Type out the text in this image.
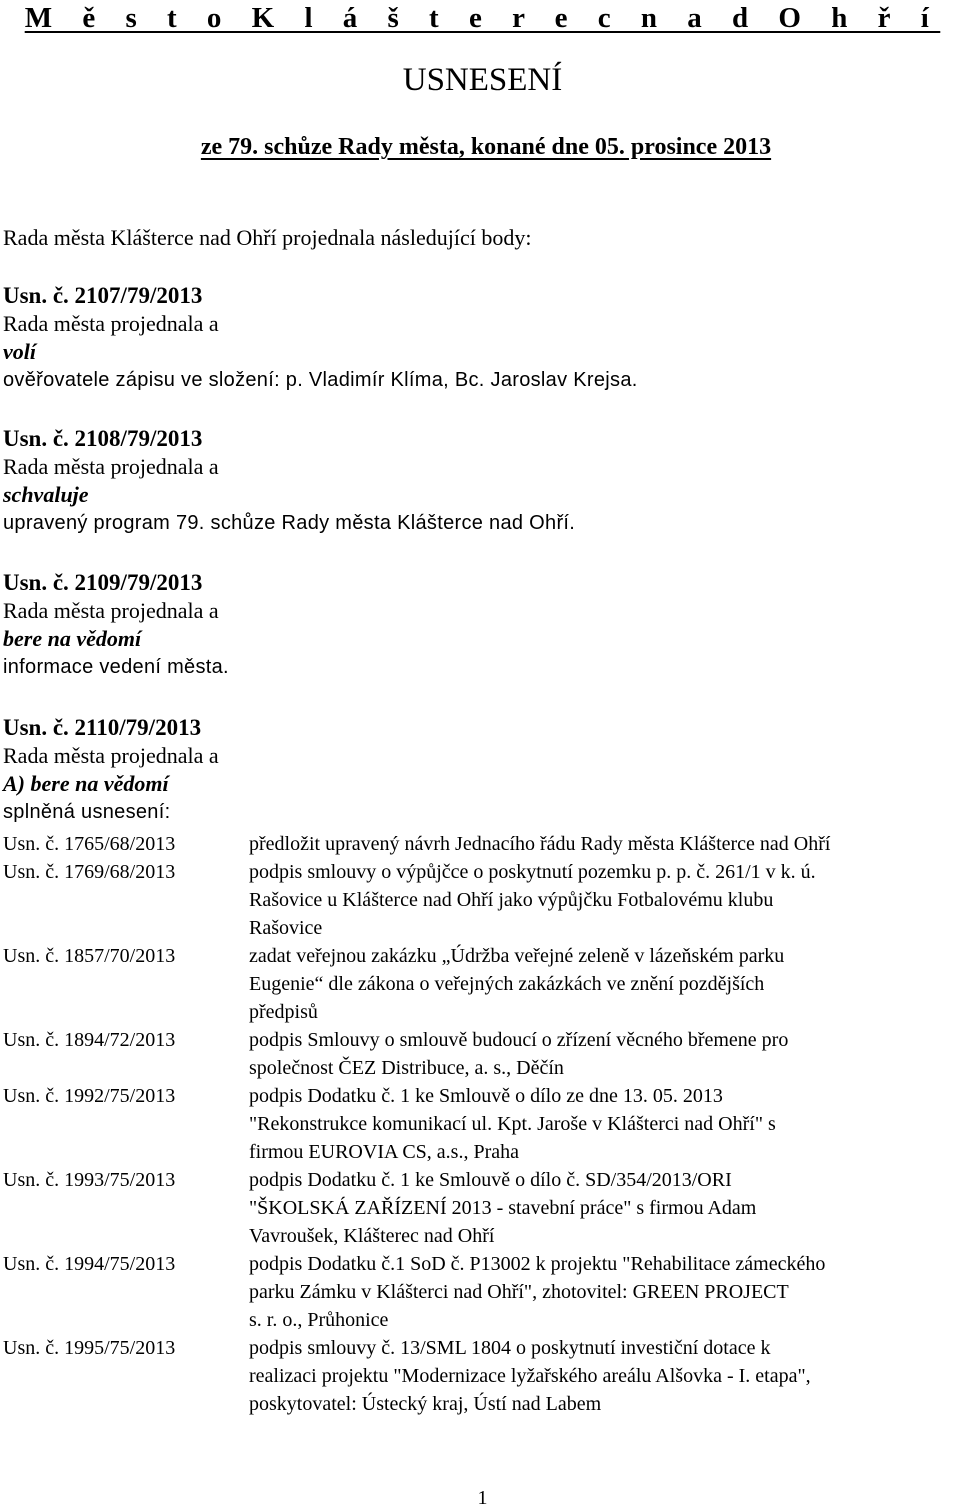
M ě s t o K l á š t e r e c n a d O h ř í
USNESENÍ
ze 79. schůze Rady města, konané dne 05. prosince 2013
Rada města Klášterce nad Ohří projednala následující body:
Usn. č. 2107/79/2013
Rada města projednala a
volí
ověřovatele zápisu ve složení: p. Vladimír Klíma, Bc. Jaroslav Krejsa.
Usn. č. 2108/79/2013
Rada města projednala a
schvaluje
upravený program 79. schůze Rady města Klášterce nad Ohří.
Usn. č. 2109/79/2013
Rada města projednala a
bere na vědomí
informace vedení města.
Usn. č. 2110/79/2013
Rada města projednala a
A) bere na vědomí
splněná usnesení:
Usn. č. 1765/68/2013	předložit upravený návrh Jednacího řádu Rady města Klášterce nad Ohří
Usn. č. 1769/68/2013	podpis smlouvy o výpůjčce o poskytnutí pozemku p. p. č. 261/1 v k. ú.
Rašovice u Klášterce nad Ohří jako výpůjčku Fotbalovému klubu
Rašovice
Usn. č. 1857/70/2013	zadat veřejnou zakázku „Údržba veřejné zeleně v lázeňském parku
Eugenie“ dle zákona o veřejných zakázkách ve znění pozdějších
předpisů
Usn. č. 1894/72/2013	podpis Smlouvy o smlouvě budoucí o zřízení věcného břemene pro
společnost ČEZ Distribuce, a. s., Děčín
Usn. č. 1992/75/2013	podpis Dodatku č. 1 ke Smlouvě o dílo ze dne 13. 05. 2013
"Rekonstrukce komunikací ul. Kpt. Jaroše v Klášterci nad Ohří" s
firmou EUROVIA CS, a.s., Praha
Usn. č. 1993/75/2013	podpis Dodatku č. 1 ke Smlouvě o dílo č. SD/354/2013/ORI
"ŠKOLSKÁ ZAŘÍZENÍ 2013 - stavební práce" s firmou Adam
Vavroušek, Klášterec nad Ohří
Usn. č. 1994/75/2013	podpis Dodatku č.1 SoD č. P13002 k projektu "Rehabilitace zámeckého
parku Zámku v Klášterci nad Ohří", zhotovitel: GREEN PROJECT
s. r. o., Průhonice
Usn. č. 1995/75/2013	podpis smlouvy č. 13/SML 1804 o poskytnutí investiční dotace k
realizaci projektu "Modernizace lyžařského areálu Alšovka - I. etapa",
poskytovatel: Ústecký kraj, Ústí nad Labem
1
